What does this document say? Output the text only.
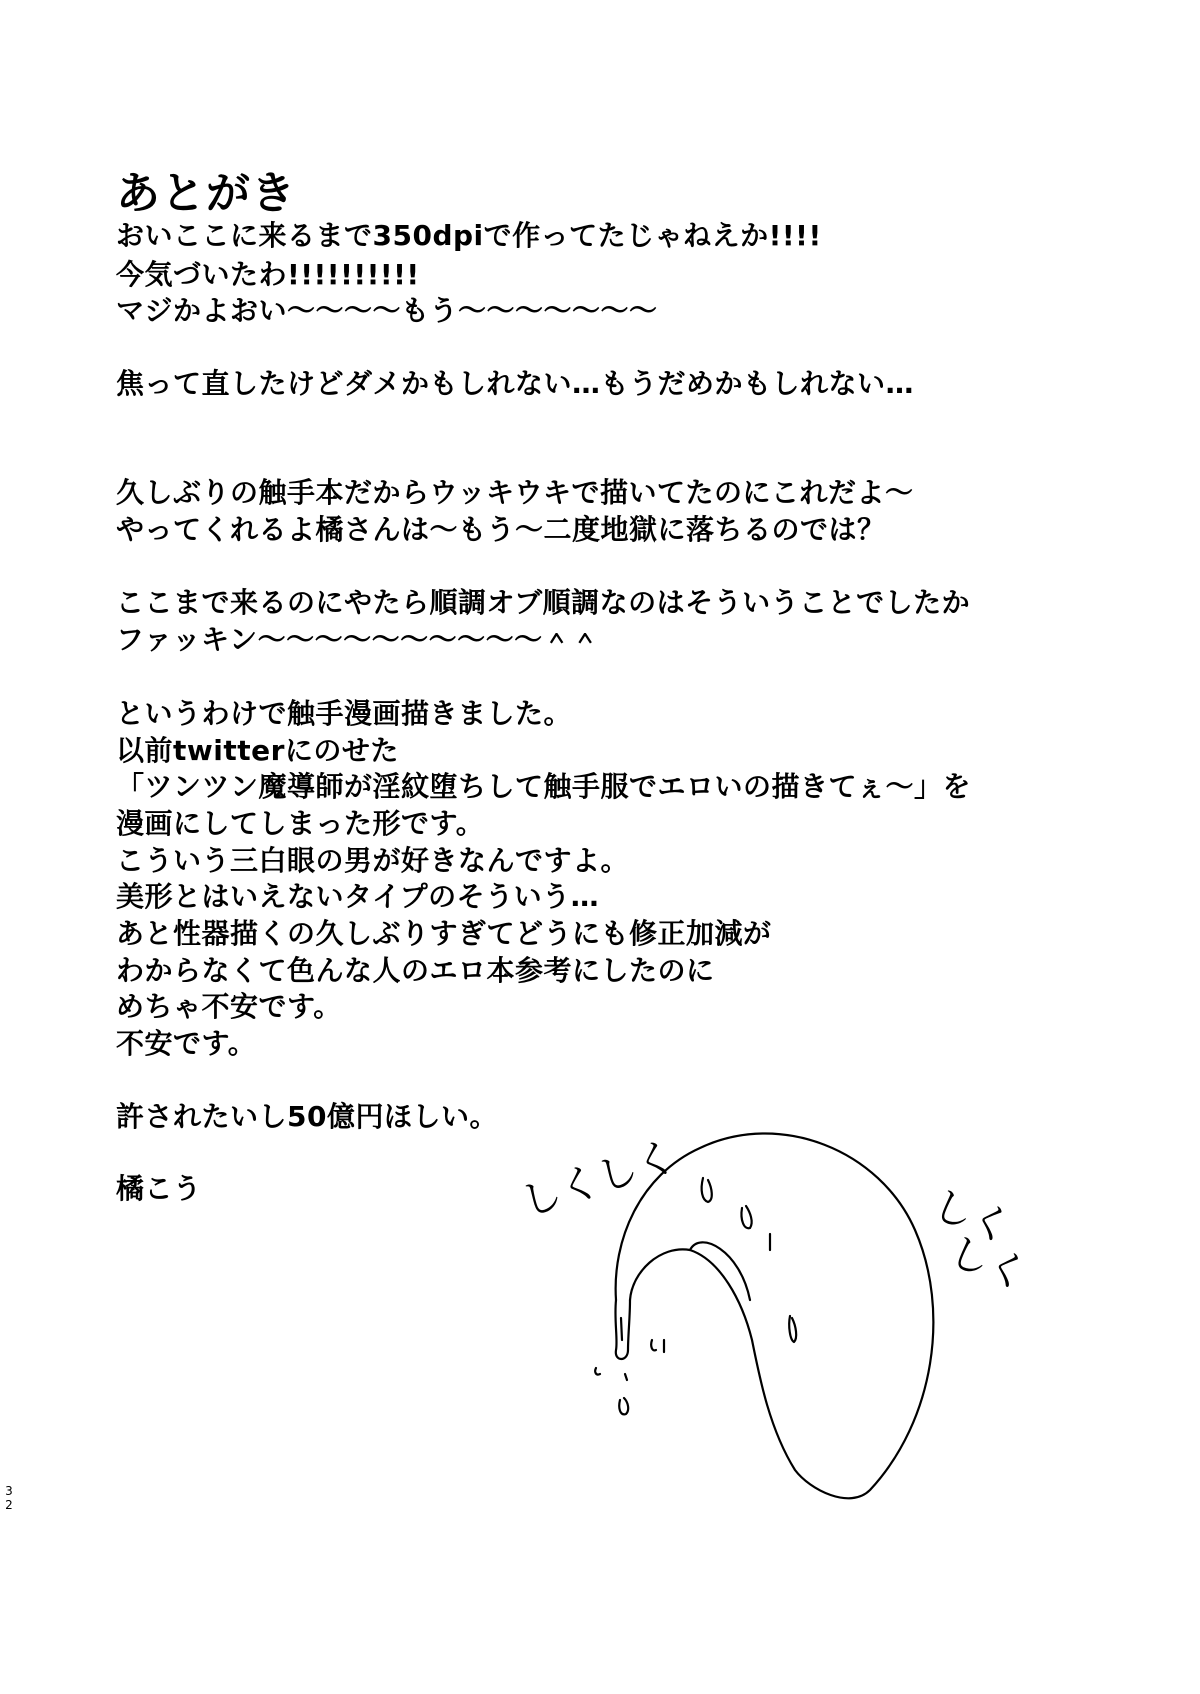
あとがき
おいここに来るまで350dpiで作ってたじゃねえか!!!!
今気づいたわ!!!!!!!!!!
マジかよおい〜〜〜〜もう〜〜〜〜〜〜〜
焦って直したけどダメかもしれない…もうだめかもしれない…
久しぶりの触手本だからウッキウキで描いてたのにこれだよ〜
やってくれるよ橘さんは〜もう〜二度地獄に落ちるのでは？
ここまで来るのにやたら順調オブ順調なのはそういうことでしたか
ファッキン〜〜〜〜〜〜〜〜〜〜＾＾
というわけで触手漫画描きました。
以前twitterにのせた
「ツンツン魔導師が淫紋堕ちして触手服でエロいの描きてぇ〜」を
漫画にしてしまった形です。
こういう三白眼の男が好きなんですよ。
美形とはいえないタイプのそういう…
あと性器描くの久しぶりすぎてどうにも修正加減が
わからなくて色んな人のエロ本参考にしたのに
めちゃ不安です。
不安です。
許されたいし50億円ほしい。
橘こう	しくしく	しく
しく
32
